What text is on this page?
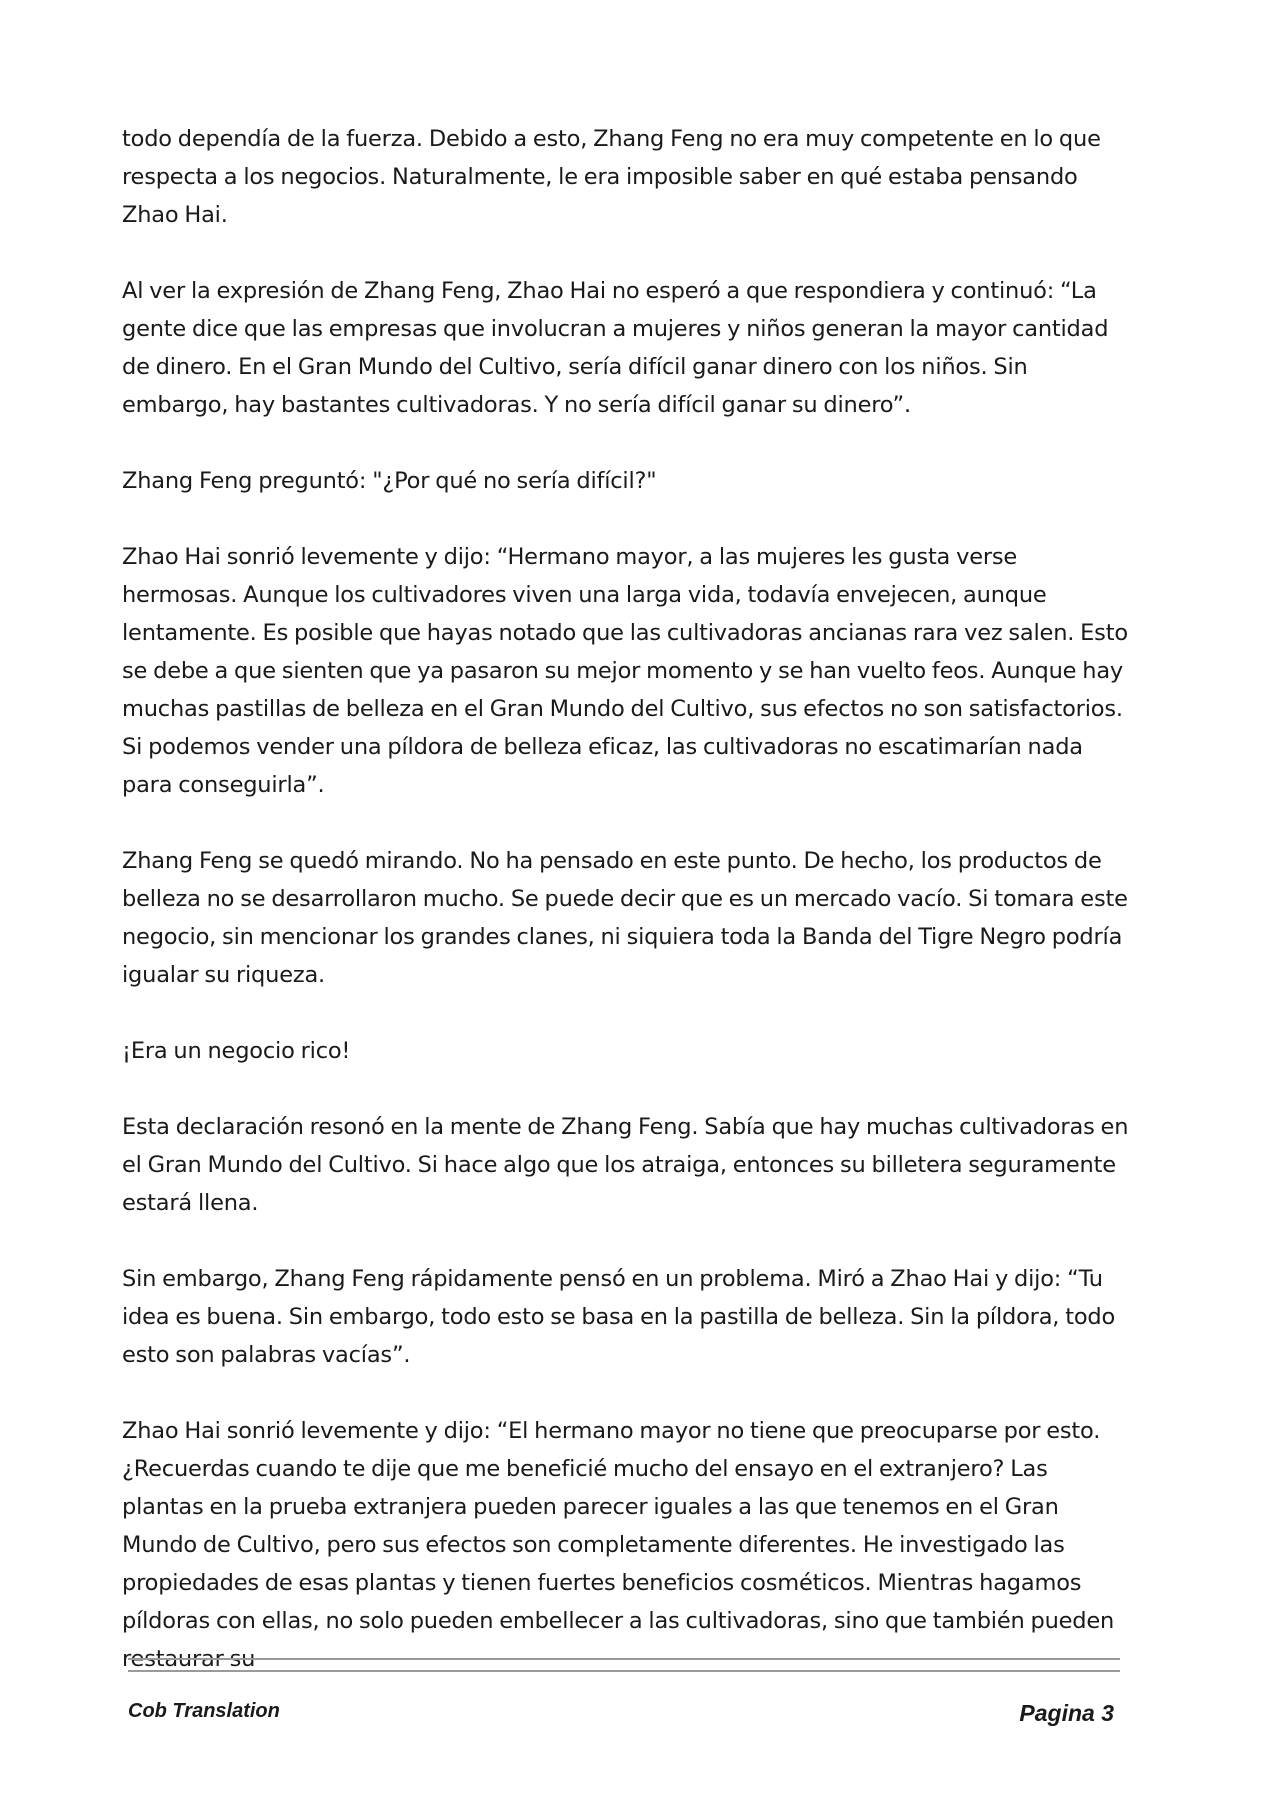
todo dependía de la fuerza. Debido a esto, Zhang Feng no era muy competente en lo que respecta a los negocios. Naturalmente, le era imposible saber en qué estaba pensando Zhao Hai.

Al ver la expresión de Zhang Feng, Zhao Hai no esperó a que respondiera y continuó: “La gente dice que las empresas que involucran a mujeres y niños generan la mayor cantidad de dinero. En el Gran Mundo del Cultivo, sería difícil ganar dinero con los niños. Sin embargo, hay bastantes cultivadoras. Y no sería difícil ganar su dinero”.

Zhang Feng preguntó: "¿Por qué no sería difícil?"

Zhao Hai sonrió levemente y dijo: “Hermano mayor, a las mujeres les gusta verse hermosas. Aunque los cultivadores viven una larga vida, todavía envejecen, aunque lentamente. Es posible que hayas notado que las cultivadoras ancianas rara vez salen. Esto se debe a que sienten que ya pasaron su mejor momento y se han vuelto feos. Aunque hay muchas pastillas de belleza en el Gran Mundo del Cultivo, sus efectos no son satisfactorios. Si podemos vender una píldora de belleza eficaz, las cultivadoras no escatimarían nada para conseguirla”.

Zhang Feng se quedó mirando. No ha pensado en este punto. De hecho, los productos de belleza no se desarrollaron mucho. Se puede decir que es un mercado vacío. Si tomara este negocio, sin mencionar los grandes clanes, ni siquiera toda la Banda del Tigre Negro podría igualar su riqueza.

¡Era un negocio rico!

Esta declaración resonó en la mente de Zhang Feng. Sabía que hay muchas cultivadoras en el Gran Mundo del Cultivo. Si hace algo que los atraiga, entonces su billetera seguramente estará llena.

Sin embargo, Zhang Feng rápidamente pensó en un problema. Miró a Zhao Hai y dijo: “Tu idea es buena. Sin embargo, todo esto se basa en la pastilla de belleza. Sin la píldora, todo esto son palabras vacías”.

Zhao Hai sonrió levemente y dijo: “El hermano mayor no tiene que preocuparse por esto. ¿Recuerdas cuando te dije que me beneficié mucho del ensayo en el extranjero? Las plantas en la prueba extranjera pueden parecer iguales a las que tenemos en el Gran Mundo de Cultivo, pero sus efectos son completamente diferentes. He investigado las propiedades de esas plantas y tienen fuertes beneficios cosméticos. Mientras hagamos píldoras con ellas, no solo pueden embellecer a las cultivadoras, sino que también pueden restaurar su

Cob Translation	Pagina 3
